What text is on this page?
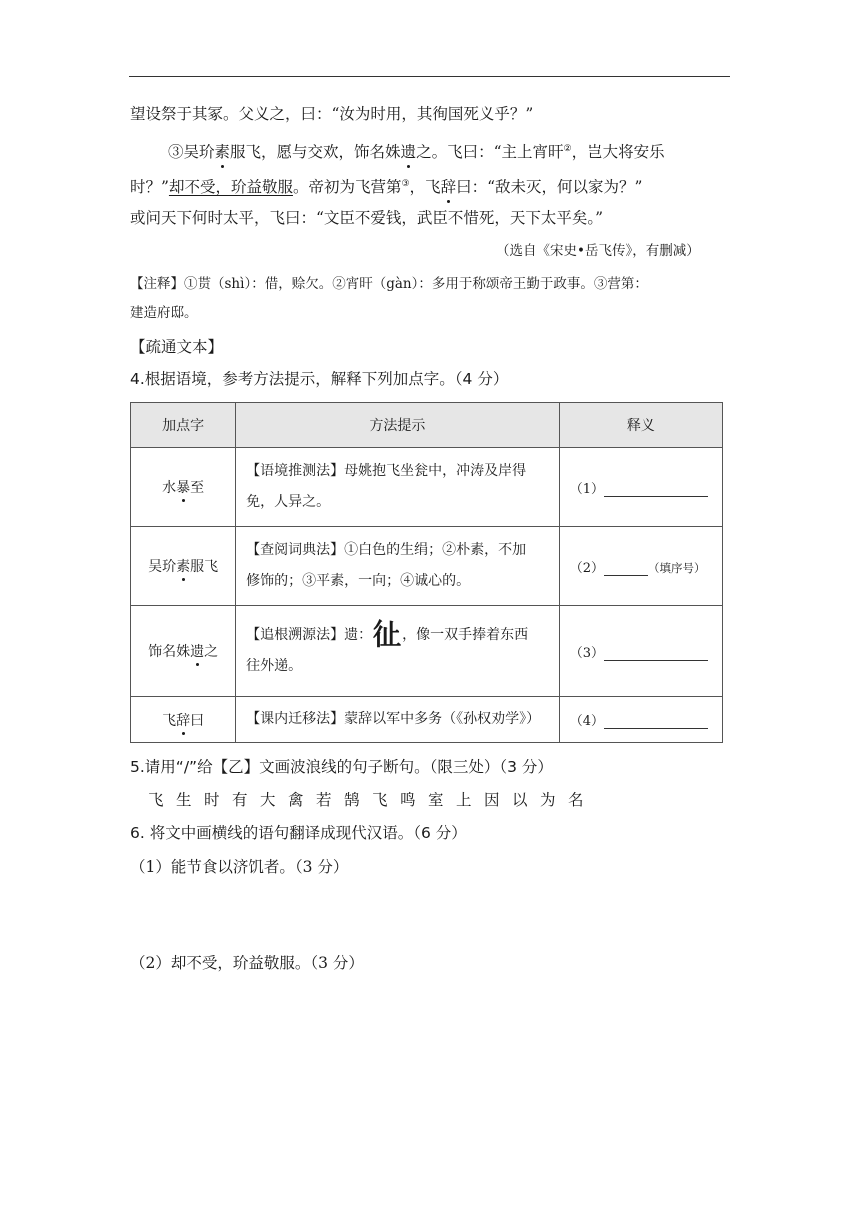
望设祭于其冢。父义之，曰：“汝为时用，其徇国死义乎？”
③吴玠素服飞，愿与交欢，饰名姝遗之。飞曰：“主上宵旰②，岂大将安乐
时？”却不受，玠益敬服。帝初为飞营第③，飞辞曰：“敌未灭，何以家为？”
或问天下何时太平，飞曰：“文臣不爱钱，武臣不惜死，天下太平矣。”
（选自《宋史•岳飞传》，有删减）
【注释】①贳（shì）：借，赊欠。②宵旰（gàn）：多用于称颂帝王勤于政事。③营第：
建造府邸。
【疏通文本】
4.根据语境，参考方法提示，解释下列加点字。（4 分）
加点字	方法提示	释义
水暴至	【语境推测法】母姚抱飞坐瓮中，冲涛及岸得
免，人异之。	（1）
吴玠素服飞	【查阅词典法】①白色的生绢；②朴素，不加
修饰的；③平素，一向；④诚心的。	（2） （填序号）
饰名姝遗之	【追根溯源法】遗：𢓊，像一双手捧着东西
往外递。	（3）
飞辞曰	【课内迁移法】蒙辞以军中多务（《孙权劝学》）	（4）
5.请用“/”给【乙】文画波浪线的句子断句。（限三处）（3 分）
飞生时有大禽若鹄飞鸣室上因以为名
6. 将文中画横线的语句翻译成现代汉语。（6 分）
（1）能节食以济饥者。（3 分）
（2）却不受，玠益敬服。（3 分）
